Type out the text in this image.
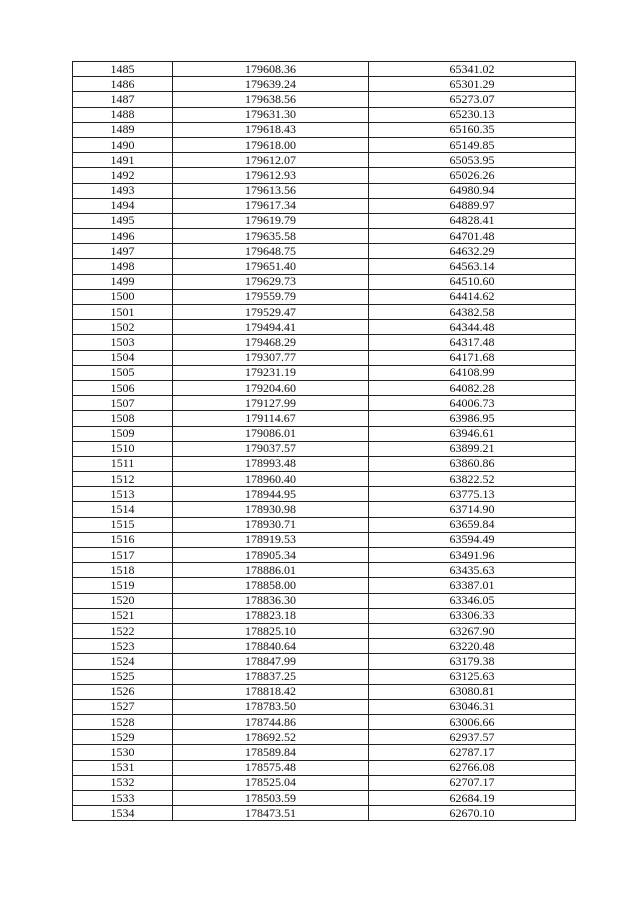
1485	179608.36	65341.02
1486	179639.24	65301.29
1487	179638.56	65273.07
1488	179631.30	65230.13
1489	179618.43	65160.35
1490	179618.00	65149.85
1491	179612.07	65053.95
1492	179612.93	65026.26
1493	179613.56	64980.94
1494	179617.34	64889.97
1495	179619.79	64828.41
1496	179635.58	64701.48
1497	179648.75	64632.29
1498	179651.40	64563.14
1499	179629.73	64510.60
1500	179559.79	64414.62
1501	179529.47	64382.58
1502	179494.41	64344.48
1503	179468.29	64317.48
1504	179307.77	64171.68
1505	179231.19	64108.99
1506	179204.60	64082.28
1507	179127.99	64006.73
1508	179114.67	63986.95
1509	179086.01	63946.61
1510	179037.57	63899.21
1511	178993.48	63860.86
1512	178960.40	63822.52
1513	178944.95	63775.13
1514	178930.98	63714.90
1515	178930.71	63659.84
1516	178919.53	63594.49
1517	178905.34	63491.96
1518	178886.01	63435.63
1519	178858.00	63387.01
1520	178836.30	63346.05
1521	178823.18	63306.33
1522	178825.10	63267.90
1523	178840.64	63220.48
1524	178847.99	63179.38
1525	178837.25	63125.63
1526	178818.42	63080.81
1527	178783.50	63046.31
1528	178744.86	63006.66
1529	178692.52	62937.57
1530	178589.84	62787.17
1531	178575.48	62766.08
1532	178525.04	62707.17
1533	178503.59	62684.19
1534	178473.51	62670.10
